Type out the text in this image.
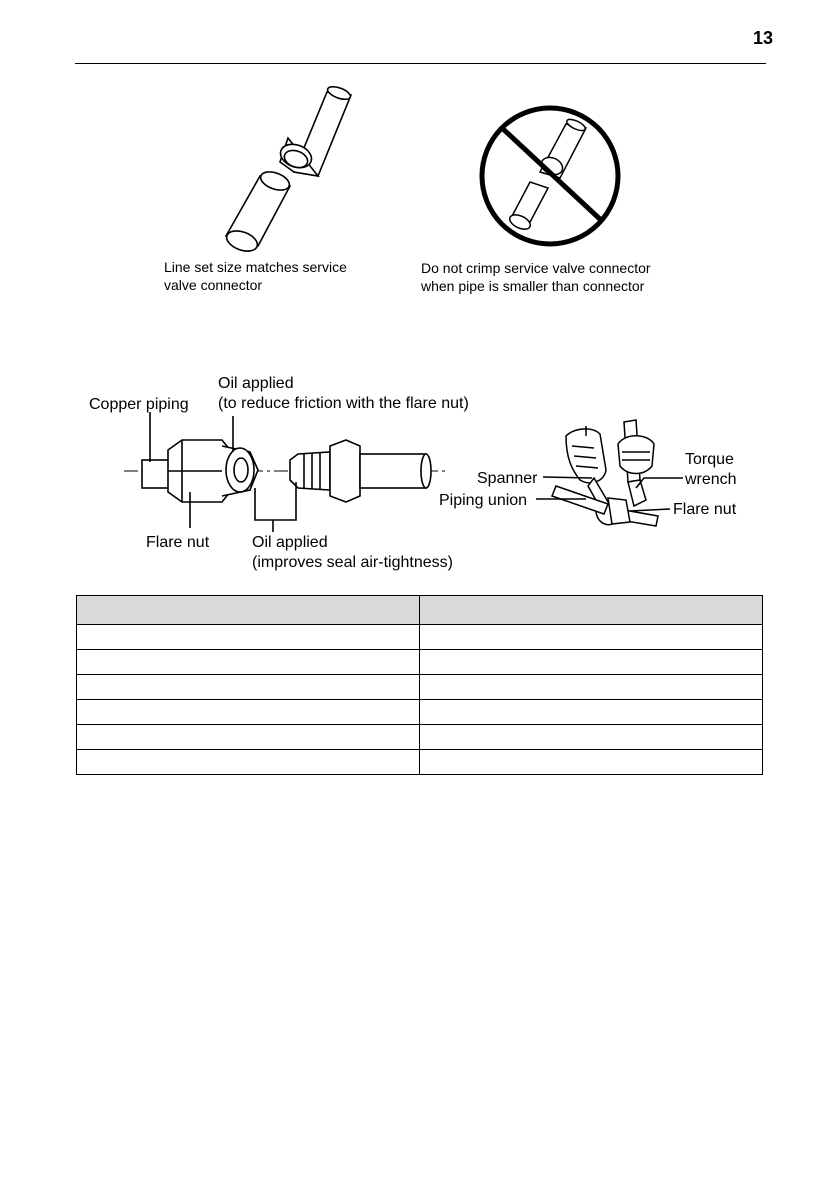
13
Line set size matches service
valve connector
Do not crimp service valve connector
when pipe is smaller than connector
Copper piping
Oil applied
(to reduce friction with the flare nut)
Flare nut	Oil applied
(improves seal air-tightness)
Spanner
Piping union
Torque
wrench
Flare nut
